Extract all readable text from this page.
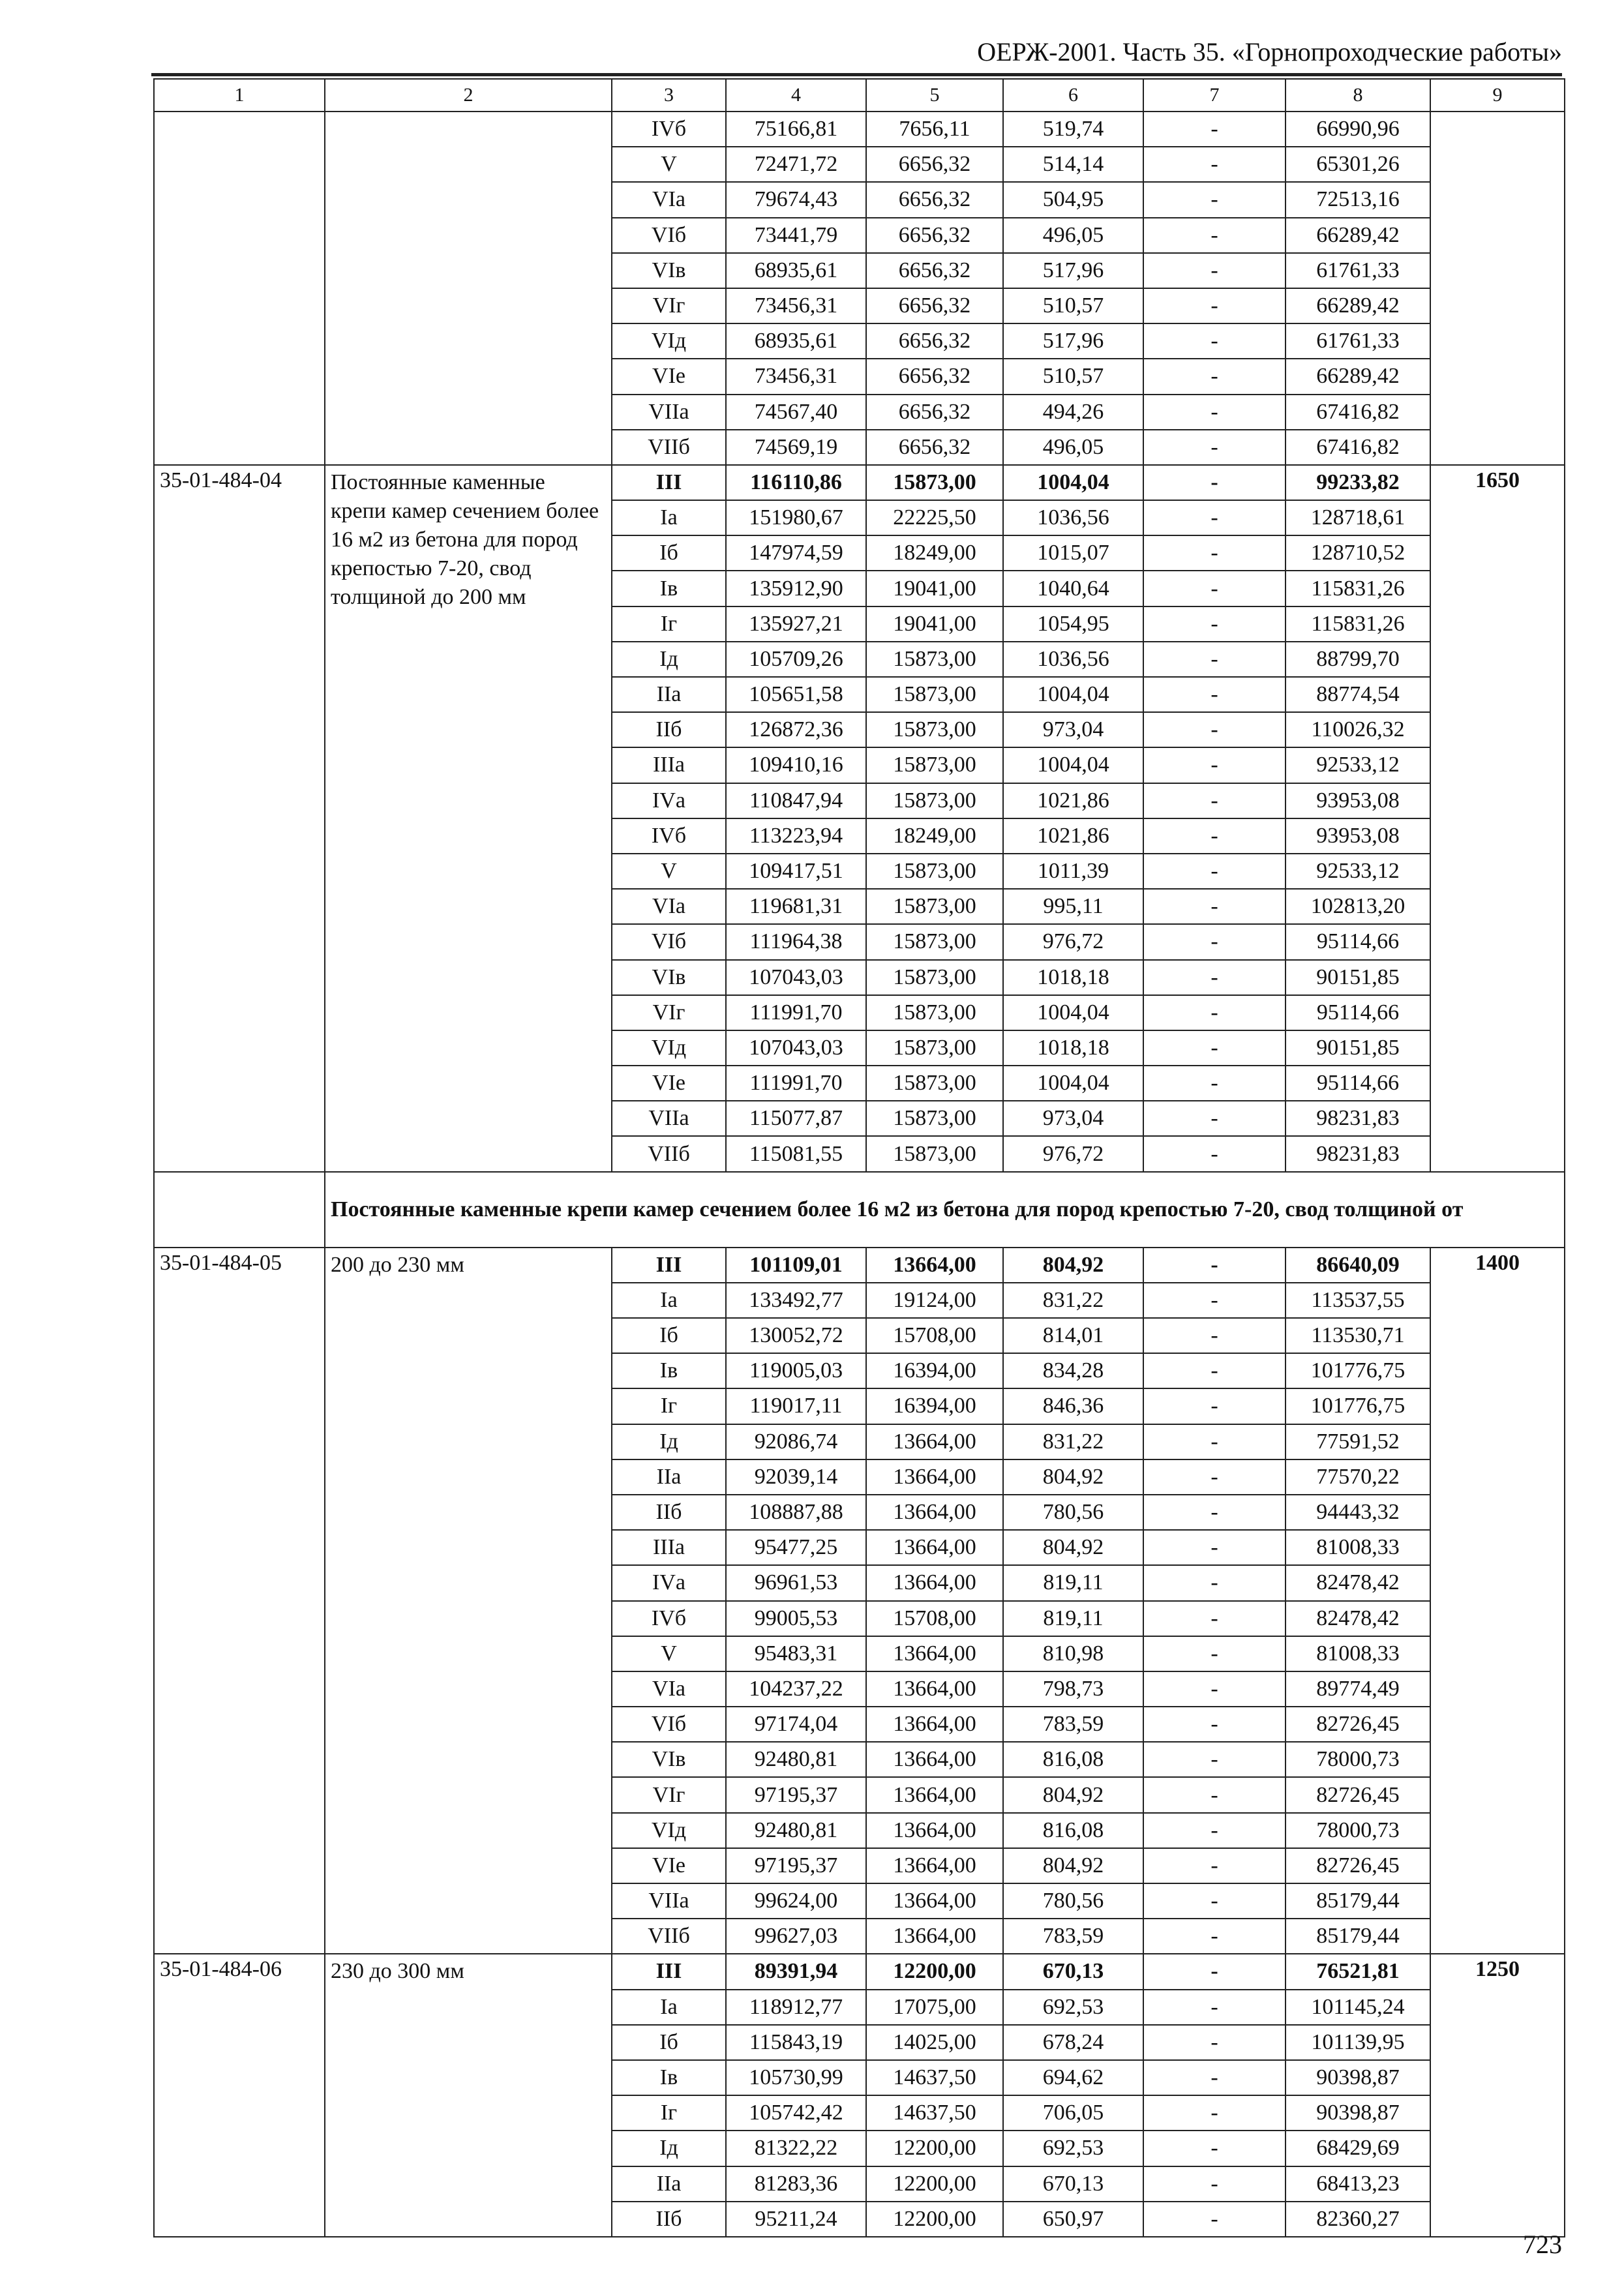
ОЕРЖ-2001. Часть 35. «Горнопроходческие работы»
1	2	3	4	5	6	7	8	9
		IVб	75166,81	7656,11	519,74	-	66990,96	
		V	72471,72	6656,32	514,14	-	65301,26	
		VIа	79674,43	6656,32	504,95	-	72513,16	
		VIб	73441,79	6656,32	496,05	-	66289,42	
		VIв	68935,61	6656,32	517,96	-	61761,33	
		VIг	73456,31	6656,32	510,57	-	66289,42	
		VIд	68935,61	6656,32	517,96	-	61761,33	
		VIе	73456,31	6656,32	510,57	-	66289,42	
		VIIа	74567,40	6656,32	494,26	-	67416,82	
		VIIб	74569,19	6656,32	496,05	-	67416,82	
35-01-484-04	Постоянные каменные крепи камер сечением более 16 м2 из бетона для пород крепостью 7-20, свод толщиной до 200 мм	III	116110,86	15873,00	1004,04	-	99233,82	1650
		Iа	151980,67	22225,50	1036,56	-	128718,61	
		Iб	147974,59	18249,00	1015,07	-	128710,52	
		Iв	135912,90	19041,00	1040,64	-	115831,26	
		Iг	135927,21	19041,00	1054,95	-	115831,26	
		Iд	105709,26	15873,00	1036,56	-	88799,70	
		IIа	105651,58	15873,00	1004,04	-	88774,54	
		IIб	126872,36	15873,00	973,04	-	110026,32	
		IIIа	109410,16	15873,00	1004,04	-	92533,12	
		IVа	110847,94	15873,00	1021,86	-	93953,08	
		IVб	113223,94	18249,00	1021,86	-	93953,08	
		V	109417,51	15873,00	1011,39	-	92533,12	
		VIа	119681,31	15873,00	995,11	-	102813,20	
		VIб	111964,38	15873,00	976,72	-	95114,66	
		VIв	107043,03	15873,00	1018,18	-	90151,85	
		VIг	111991,70	15873,00	1004,04	-	95114,66	
		VIд	107043,03	15873,00	1018,18	-	90151,85	
		VIе	111991,70	15873,00	1004,04	-	95114,66	
		VIIа	115077,87	15873,00	973,04	-	98231,83	
		VIIб	115081,55	15873,00	976,72	-	98231,83	
	Постоянные каменные крепи камер сечением более 16 м2 из бетона для пород крепостью 7-20, свод толщиной от							
35-01-484-05	200 до 230 мм	III	101109,01	13664,00	804,92	-	86640,09	1400
		Iа	133492,77	19124,00	831,22	-	113537,55	
		Iб	130052,72	15708,00	814,01	-	113530,71	
		Iв	119005,03	16394,00	834,28	-	101776,75	
		Iг	119017,11	16394,00	846,36	-	101776,75	
		Iд	92086,74	13664,00	831,22	-	77591,52	
		IIа	92039,14	13664,00	804,92	-	77570,22	
		IIб	108887,88	13664,00	780,56	-	94443,32	
		IIIа	95477,25	13664,00	804,92	-	81008,33	
		IVа	96961,53	13664,00	819,11	-	82478,42	
		IVб	99005,53	15708,00	819,11	-	82478,42	
		V	95483,31	13664,00	810,98	-	81008,33	
		VIа	104237,22	13664,00	798,73	-	89774,49	
		VIб	97174,04	13664,00	783,59	-	82726,45	
		VIв	92480,81	13664,00	816,08	-	78000,73	
		VIг	97195,37	13664,00	804,92	-	82726,45	
		VIд	92480,81	13664,00	816,08	-	78000,73	
		VIе	97195,37	13664,00	804,92	-	82726,45	
		VIIа	99624,00	13664,00	780,56	-	85179,44	
		VIIб	99627,03	13664,00	783,59	-	85179,44	
35-01-484-06	230 до 300 мм	III	89391,94	12200,00	670,13	-	76521,81	1250
		Iа	118912,77	17075,00	692,53	-	101145,24	
		Iб	115843,19	14025,00	678,24	-	101139,95	
		Iв	105730,99	14637,50	694,62	-	90398,87	
		Iг	105742,42	14637,50	706,05	-	90398,87	
		Iд	81322,22	12200,00	692,53	-	68429,69	
		IIа	81283,36	12200,00	670,13	-	68413,23	
		IIб	95211,24	12200,00	650,97	-	82360,27	
723
